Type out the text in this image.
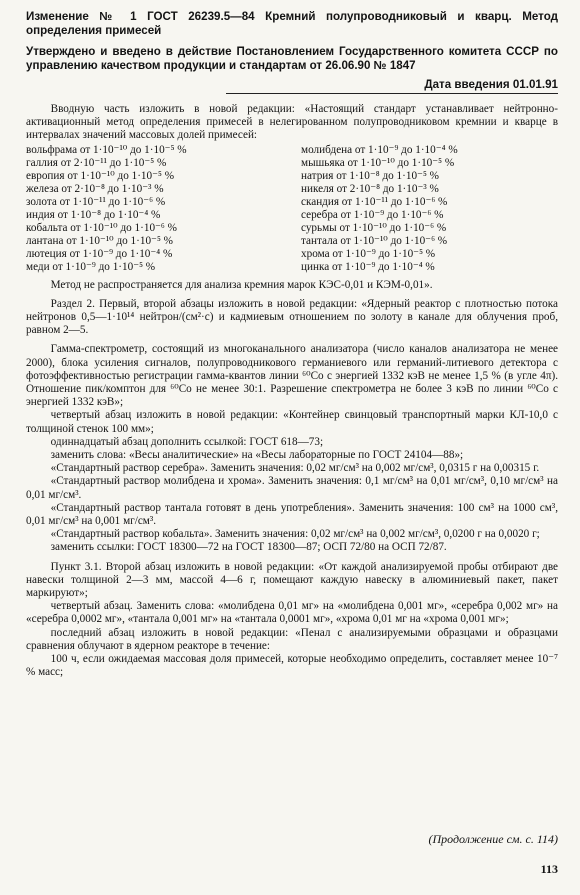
Изменение № 1 ГОСТ 26239.5—84 Кремний полупроводниковый и кварц. Метод определения примесей
Утверждено и введено в действие Постановлением Государственного комитета СССР по управлению качеством продукции и стандартам от 26.06.90 № 1847
Дата введения 01.01.91

Вводную часть изложить в новой редакции: «Настоящий стандарт устанавливает нейтронно-активационный метод определения примесей в нелегированном полупроводниковом кремнии и кварце в интервалах значений массовых долей примесей:

вольфрама от 1·10⁻¹⁰ до 1·10⁻⁵ %
галлия от 2·10⁻¹¹ до 1·10⁻⁵ %
европия от 1·10⁻¹⁰ до 1·10⁻⁵ %
железа от 2·10⁻⁸ до 1·10⁻³ %
золота от 1·10⁻¹¹ до 1·10⁻⁶ %
индия от 1·10⁻⁸ до 1·10⁻⁴ %
кобальта от 1·10⁻¹⁰ до 1·10⁻⁶ %
лантана от 1·10⁻¹⁰ до 1·10⁻⁵ %
лютеция от 1·10⁻⁹ до 1·10⁻⁴ %
меди от 1·10⁻⁹ до 1·10⁻⁵ %
молибдена от 1·10⁻⁹ до 1·10⁻⁴ %
мышьяка от 1·10⁻¹⁰ до 1·10⁻⁵ %
натрия от 1·10⁻⁸ до 1·10⁻⁵ %
никеля от 2·10⁻⁸ до 1·10⁻³ %
скандия от 1·10⁻¹¹ до 1·10⁻⁶ %
серебра от 1·10⁻⁹ до 1·10⁻⁶ %
сурьмы от 1·10⁻¹⁰ до 1·10⁻⁶ %
тантала от 1·10⁻¹⁰ до 1·10⁻⁶ %
хрома от 1·10⁻⁹ до 1·10⁻⁵ %
цинка от 1·10⁻⁹ до 1·10⁻⁴ %

Метод не распространяется для анализа кремния марок КЭС-0,01 и КЭМ-0,01».

Раздел 2. Первый, второй абзацы изложить в новой редакции: «Ядерный реактор с плотностью потока нейтронов 0,5—1·10¹⁴ нейтрон/(см²·с) и кадмиевым отношением по золоту в канале для облучения проб, равном 2—5.

Гамма-спектрометр, состоящий из многоканального анализатора (число каналов анализатора не менее 2000), блока усиления сигналов, полупроводникового германиевого или германий-литиевого детектора с фотоэффективностью регистрации гамма-квантов линии ⁶⁰Co с энергией 1332 кэВ не менее 1,5 % (в угле 4π). Отношение пик/комптон для ⁶⁰Co не менее 30:1. Разрешение спектрометра не более 3 кэВ по линии ⁶⁰Co с энергией 1332 кэВ»;

четвертый абзац изложить в новой редакции: «Контейнер свинцовый транспортный марки КЛ-10,0 с толщиной стенок 100 мм»;

одиннадцатый абзац дополнить ссылкой: ГОСТ 618—73;

заменить слова: «Весы аналитические» на «Весы лабораторные по ГОСТ 24104—88»;

«Стандартный раствор серебра». Заменить значения: 0,02 мг/см³ на 0,002 мг/см³, 0,0315 г на 0,00315 г.

«Стандартный раствор молибдена и хрома». Заменить значения: 0,1 мг/см³ на 0,01 мг/см³, 0,10 мг/см³ на 0,01 мг/см³.

«Стандартный раствор тантала готовят в день употребления». Заменить значения: 100 см³ на 1000 см³, 0,01 мг/см³ на 0,001 мг/см³.

«Стандартный раствор кобальта». Заменить значения: 0,02 мг/см³ на 0,002 мг/см³, 0,0200 г на 0,0020 г;

заменить ссылки: ГОСТ 18300—72 на ГОСТ 18300—87; ОСП 72/80 на ОСП 72/87.

Пункт 3.1. Второй абзац изложить в новой редакции: «От каждой анализируемой пробы отбирают две навески толщиной 2—3 мм, массой 4—6 г, помещают каждую навеску в алюминиевый пакет, пакет маркируют»;

четвертый абзац. Заменить слова: «молибдена 0,01 мг» на «молибдена 0,001 мг», «серебра 0,002 мг» на «серебра 0,0002 мг», «тантала 0,001 мг» на «тантала 0,0001 мг», «хрома 0,01 мг на «хрома 0,001 мг»;

последний абзац изложить в новой редакции: «Пенал с анализируемыми образцами и образцами сравнения облучают в ядерном реакторе в течение:

100 ч, если ожидаемая массовая доля примесей, которые необходимо определить, составляет менее 10⁻⁷ % масс;

(Продолжение см. с. 114)
113
